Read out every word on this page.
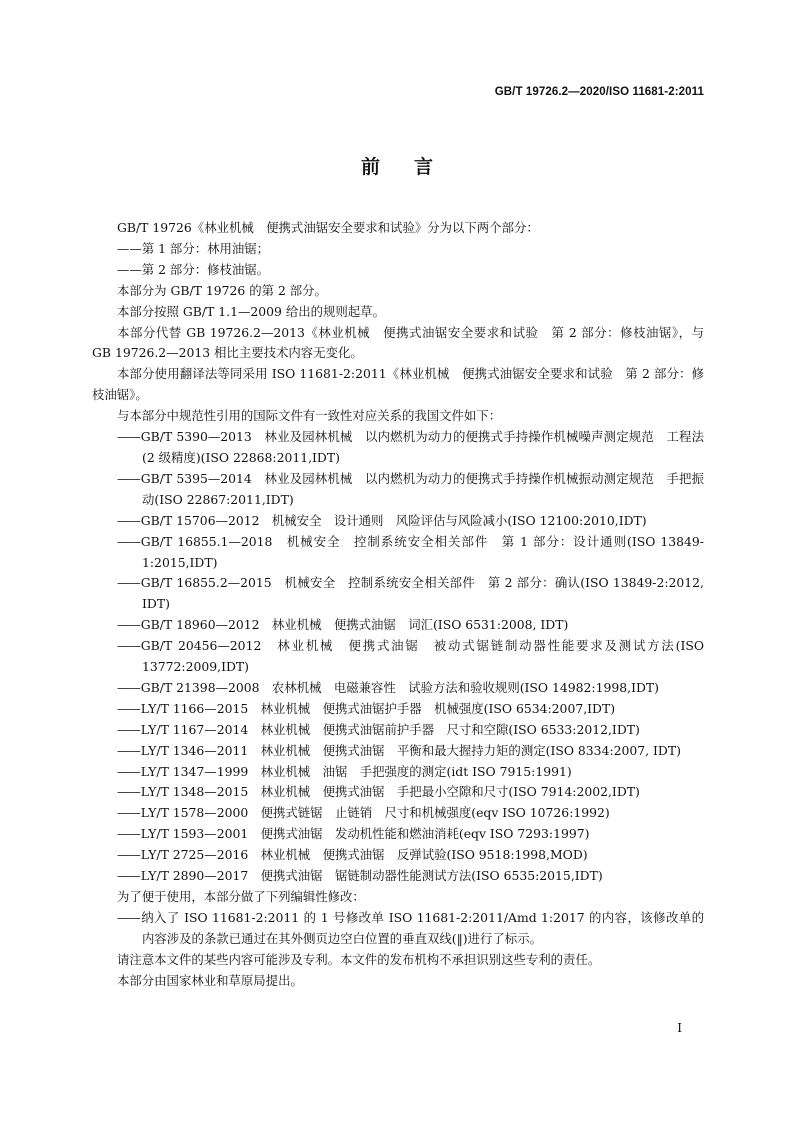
GB/T 19726.2—2020/ISO 11681-2:2011
前言
GB/T 19726《林业机械　便携式油锯安全要求和试验》分为以下两个部分：
——第 1 部分：林用油锯；
——第 2 部分：修枝油锯。
本部分为 GB/T 19726 的第 2 部分。
本部分按照 GB/T 1.1—2009 给出的规则起草。
本部分代替 GB 19726.2—2013《林业机械　便携式油锯安全要求和试验　第 2 部分：修枝油锯》，与 GB 19726.2—2013 相比主要技术内容无变化。
本部分使用翻译法等同采用 ISO 11681-2:2011《林业机械　便携式油锯安全要求和试验　第 2 部分：修枝油锯》。
与本部分中规范性引用的国际文件有一致性对应关系的我国文件如下：
——GB/T 5390—2013　林业及园林机械　以内燃机为动力的便携式手持操作机械噪声测定规范　工程法(2 级精度)(ISO 22868:2011,IDT)
——GB/T 5395—2014　林业及园林机械　以内燃机为动力的便携式手持操作机械振动测定规范　手把振动(ISO 22867:2011,IDT)
——GB/T 15706—2012　机械安全　设计通则　风险评估与风险减小(ISO 12100:2010,IDT)
——GB/T 16855.1—2018　机械安全　控制系统安全相关部件　第 1 部分：设计通则(ISO 13849-1:2015,IDT)
——GB/T 16855.2—2015　机械安全　控制系统安全相关部件　第 2 部分：确认(ISO 13849-2:2012, IDT)
——GB/T 18960—2012　林业机械　便携式油锯　词汇(ISO 6531:2008, IDT)
——GB/T 20456—2012　林业机械　便携式油锯　被动式锯链制动器性能要求及测试方法(ISO 13772:2009,IDT)
——GB/T 21398—2008　农林机械　电磁兼容性　试验方法和验收规则(ISO 14982:1998,IDT)
——LY/T 1166—2015　林业机械　便携式油锯护手器　机械强度(ISO 6534:2007,IDT)
——LY/T 1167—2014　林业机械　便携式油锯前护手器　尺寸和空隙(ISO 6533:2012,IDT)
——LY/T 1346—2011　林业机械　便携式油锯　平衡和最大握持力矩的测定(ISO 8334:2007, IDT)
——LY/T 1347—1999　林业机械　油锯　手把强度的测定(idt ISO 7915:1991)
——LY/T 1348—2015　林业机械　便携式油锯　手把最小空隙和尺寸(ISO 7914:2002,IDT)
——LY/T 1578—2000　便携式链锯　止链销　尺寸和机械强度(eqv ISO 10726:1992)
——LY/T 1593—2001　便携式油锯　发动机性能和燃油消耗(eqv ISO 7293:1997)
——LY/T 2725—2016　林业机械　便携式油锯　反弹试验(ISO 9518:1998,MOD)
——LY/T 2890—2017　便携式油锯　锯链制动器性能测试方法(ISO 6535:2015,IDT)
为了便于使用，本部分做了下列编辑性修改：
——纳入了 ISO 11681-2:2011 的 1 号修改单 ISO 11681-2:2011/Amd 1:2017 的内容，该修改单的内容涉及的条款已通过在其外侧页边空白位置的垂直双线(‖)进行了标示。
请注意本文件的某些内容可能涉及专利。本文件的发布机构不承担识别这些专利的责任。
本部分由国家林业和草原局提出。
I
